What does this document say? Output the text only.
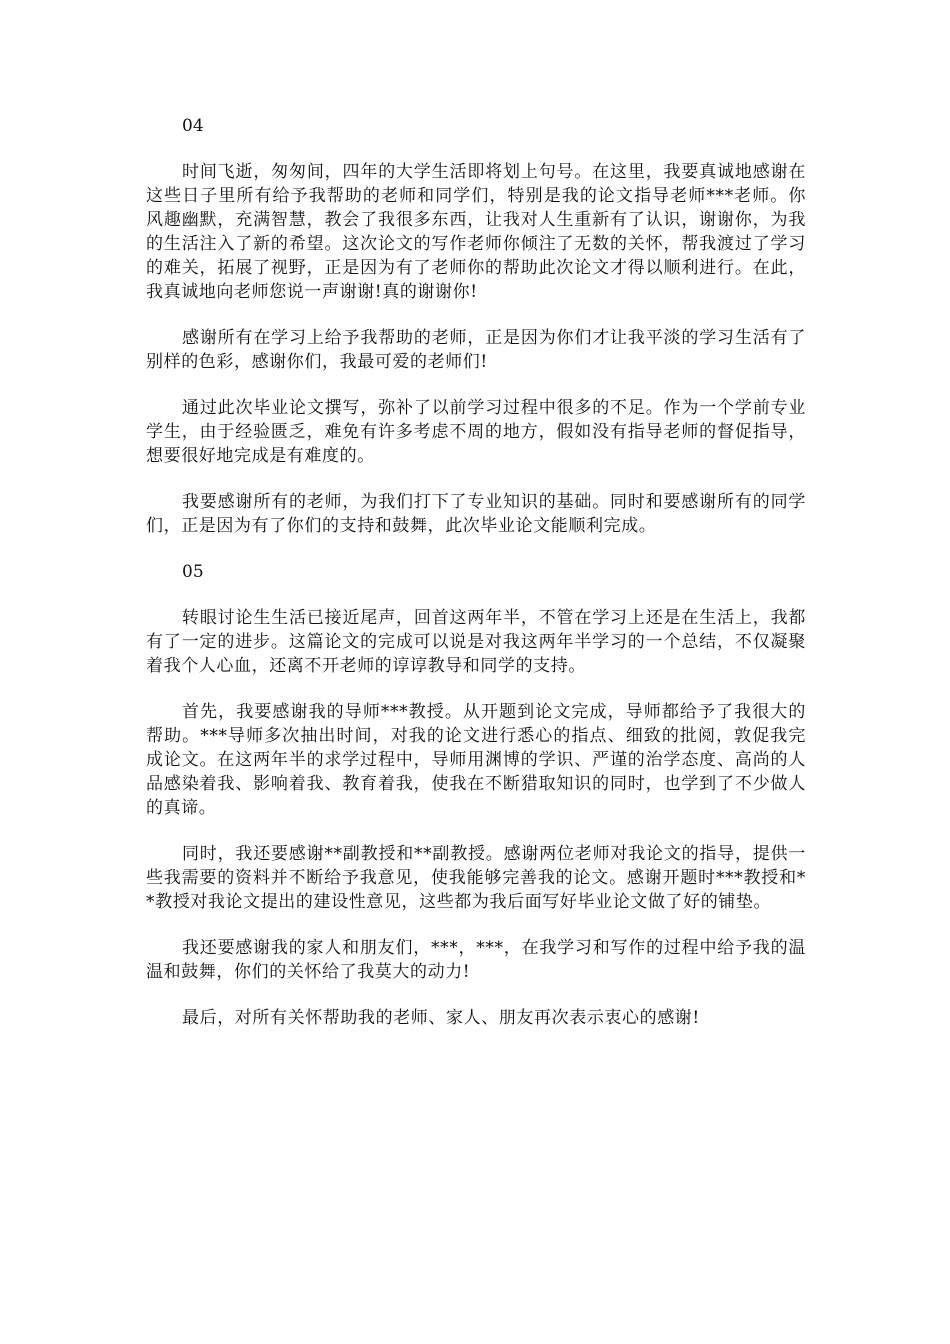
04

时间飞逝，匆匆间，四年的大学生活即将划上句号。在这里，我要真诚地感谢在这些日子里所有给予我帮助的老师和同学们，特别是我的论文指导老师***老师。你风趣幽默，充满智慧，教会了我很多东西，让我对人生重新有了认识，谢谢你，为我的生活注入了新的希望。这次论文的写作老师你倾注了无数的关怀，帮我渡过了学习的难关，拓展了视野，正是因为有了老师你的帮助此次论文才得以顺利进行。在此，我真诚地向老师您说一声谢谢!真的谢谢你!

感谢所有在学习上给予我帮助的老师，正是因为你们才让我平淡的学习生活有了别样的色彩，感谢你们，我最可爱的老师们!

通过此次毕业论文撰写，弥补了以前学习过程中很多的不足。作为一个学前专业学生，由于经验匮乏，难免有许多考虑不周的地方，假如没有指导老师的督促指导，想要很好地完成是有难度的。

我要感谢所有的老师，为我们打下了专业知识的基础。同时和要感谢所有的同学们，正是因为有了你们的支持和鼓舞，此次毕业论文能顺利完成。

05

转眼讨论生生活已接近尾声，回首这两年半，不管在学习上还是在生活上，我都有了一定的进步。这篇论文的完成可以说是对我这两年半学习的一个总结，不仅凝聚着我个人心血，还离不开老师的谆谆教导和同学的支持。

首先，我要感谢我的导师***教授。从开题到论文完成，导师都给予了我很大的帮助。***导师多次抽出时间，对我的论文进行悉心的指点、细致的批阅，敦促我完成论文。在这两年半的求学过程中，导师用渊博的学识、严谨的治学态度、高尚的人品感染着我、影响着我、教育着我，使我在不断猎取知识的同时，也学到了不少做人的真谛。

同时，我还要感谢**副教授和**副教授。感谢两位老师对我论文的指导，提供一些我需要的资料并不断给予我意见，使我能够完善我的论文。感谢开题时***教授和**教授对我论文提出的建设性意见，这些都为我后面写好毕业论文做了好的铺垫。

我还要感谢我的家人和朋友们，***，***，在我学习和写作的过程中给予我的温温和鼓舞，你们的关怀给了我莫大的动力!

最后，对所有关怀帮助我的老师、家人、朋友再次表示衷心的感谢!
